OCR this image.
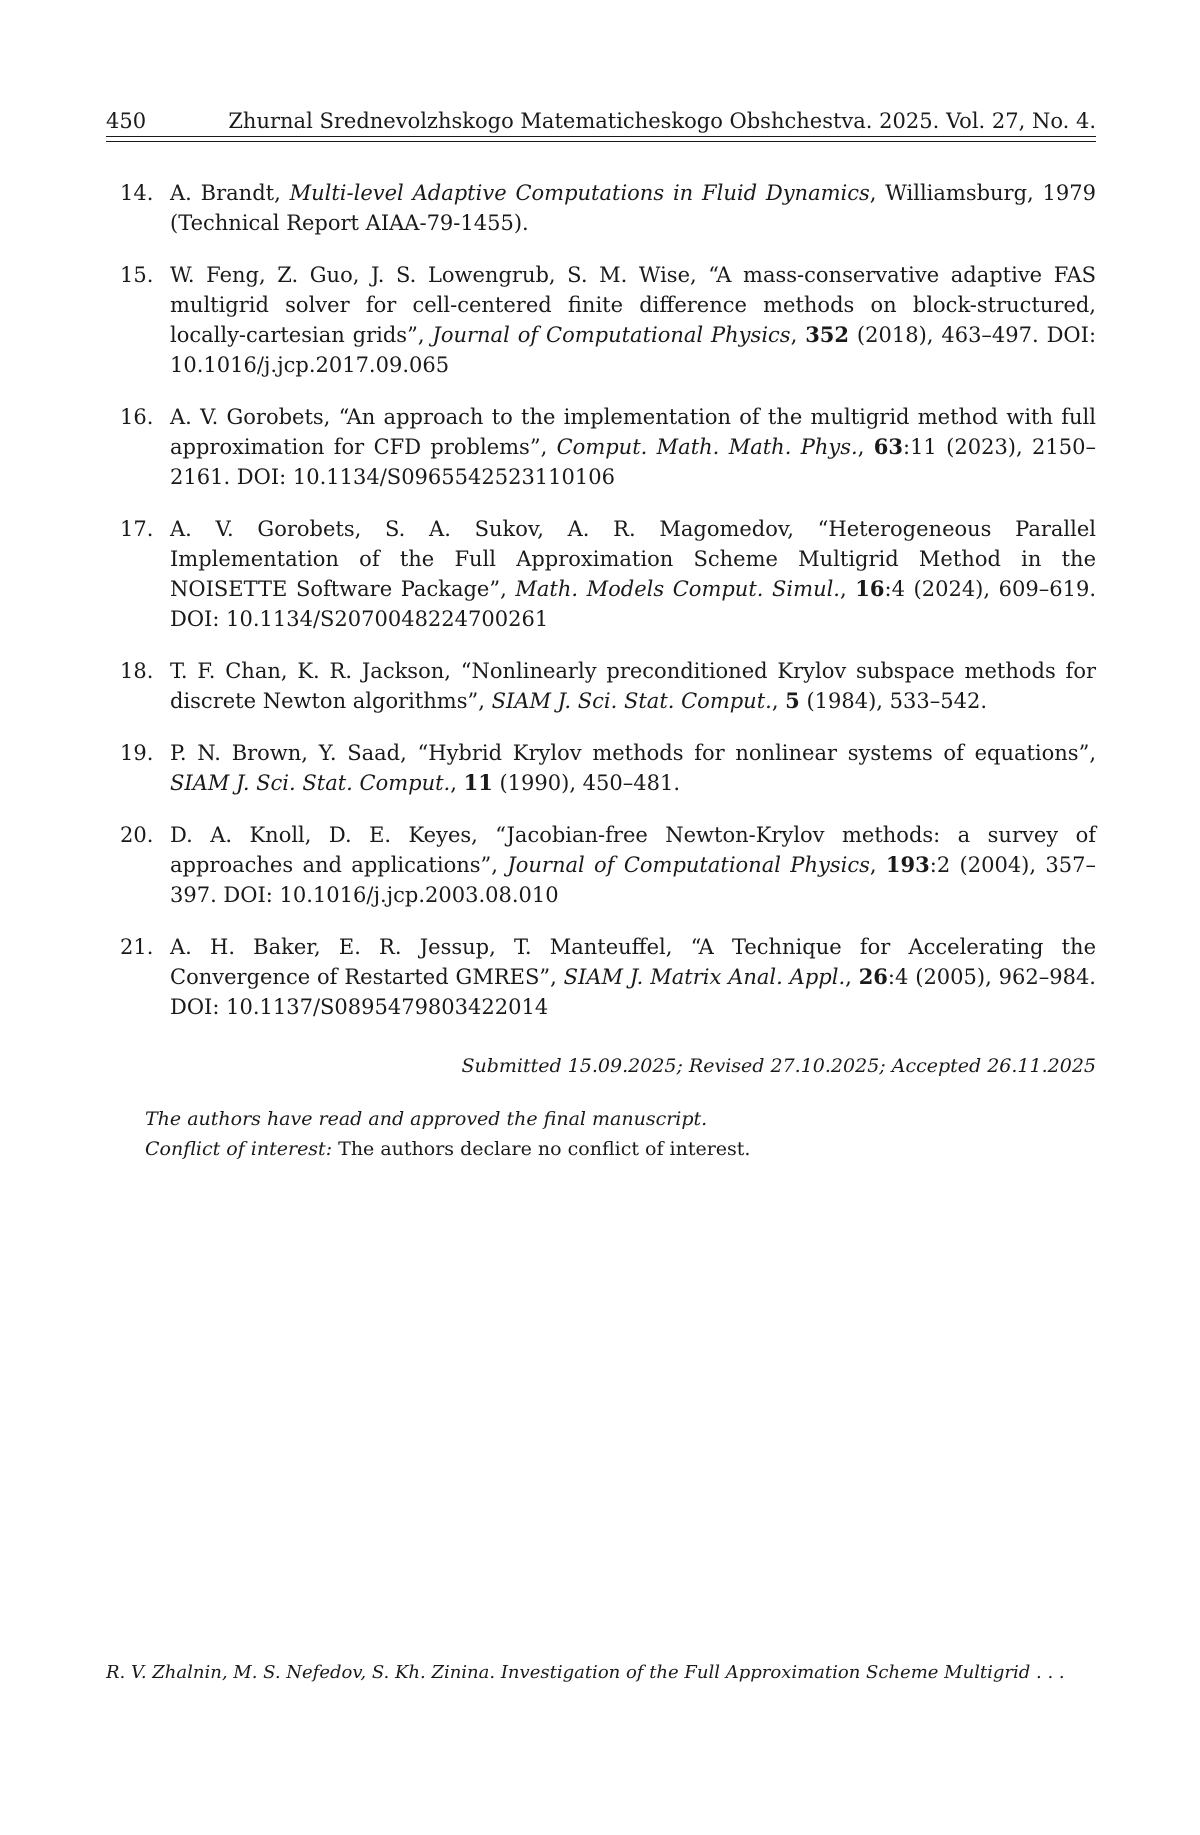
450	Zhurnal Srednevolzhskogo Matematicheskogo Obshchestva. 2025. Vol. 27, No. 4.
14. A. Brandt, Multi-level Adaptive Computations in Fluid Dynamics, Williamsburg, 1979 (Technical Report AIAA-79-1455).
15. W. Feng, Z. Guo, J. S. Lowengrub, S. M. Wise, “A mass-conservative adaptive FAS multigrid solver for cell-centered finite difference methods on block-structured, locally-cartesian grids”, Journal of Computational Physics, 352 (2018), 463–497. DOI: 10.1016/j.jcp.2017.09.065
16. A. V. Gorobets, “An approach to the implementation of the multigrid method with full approximation for CFD problems”, Comput. Math. Math. Phys., 63:11 (2023), 2150–2161. DOI: 10.1134/S0965542523110106
17. A. V. Gorobets, S. A. Sukov, A. R. Magomedov, “Heterogeneous Parallel Implementation of the Full Approximation Scheme Multigrid Method in the NOISETTE Software Package”, Math. Models Comput. Simul., 16:4 (2024), 609–619. DOI: 10.1134/S2070048224700261
18. T. F. Chan, K. R. Jackson, “Nonlinearly preconditioned Krylov subspace methods for discrete Newton algorithms”, SIAM J. Sci. Stat. Comput., 5 (1984), 533–542.
19. P. N. Brown, Y. Saad, “Hybrid Krylov methods for nonlinear systems of equations”, SIAM J. Sci. Stat. Comput., 11 (1990), 450–481.
20. D. A. Knoll, D. E. Keyes, “Jacobian-free Newton-Krylov methods: a survey of approaches and applications”, Journal of Computational Physics, 193:2 (2004), 357–397. DOI: 10.1016/j.jcp.2003.08.010
21. A. H. Baker, E. R. Jessup, T. Manteuffel, “A Technique for Accelerating the Convergence of Restarted GMRES”, SIAM J. Matrix Anal. Appl., 26:4 (2005), 962–984. DOI: 10.1137/S0895479803422014
Submitted 15.09.2025; Revised 27.10.2025; Accepted 26.11.2025
The authors have read and approved the final manuscript.
Conflict of interest: The authors declare no conflict of interest.
R. V. Zhalnin, M. S. Nefedov, S. Kh. Zinina. Investigation of the Full Approximation Scheme Multigrid . . .
